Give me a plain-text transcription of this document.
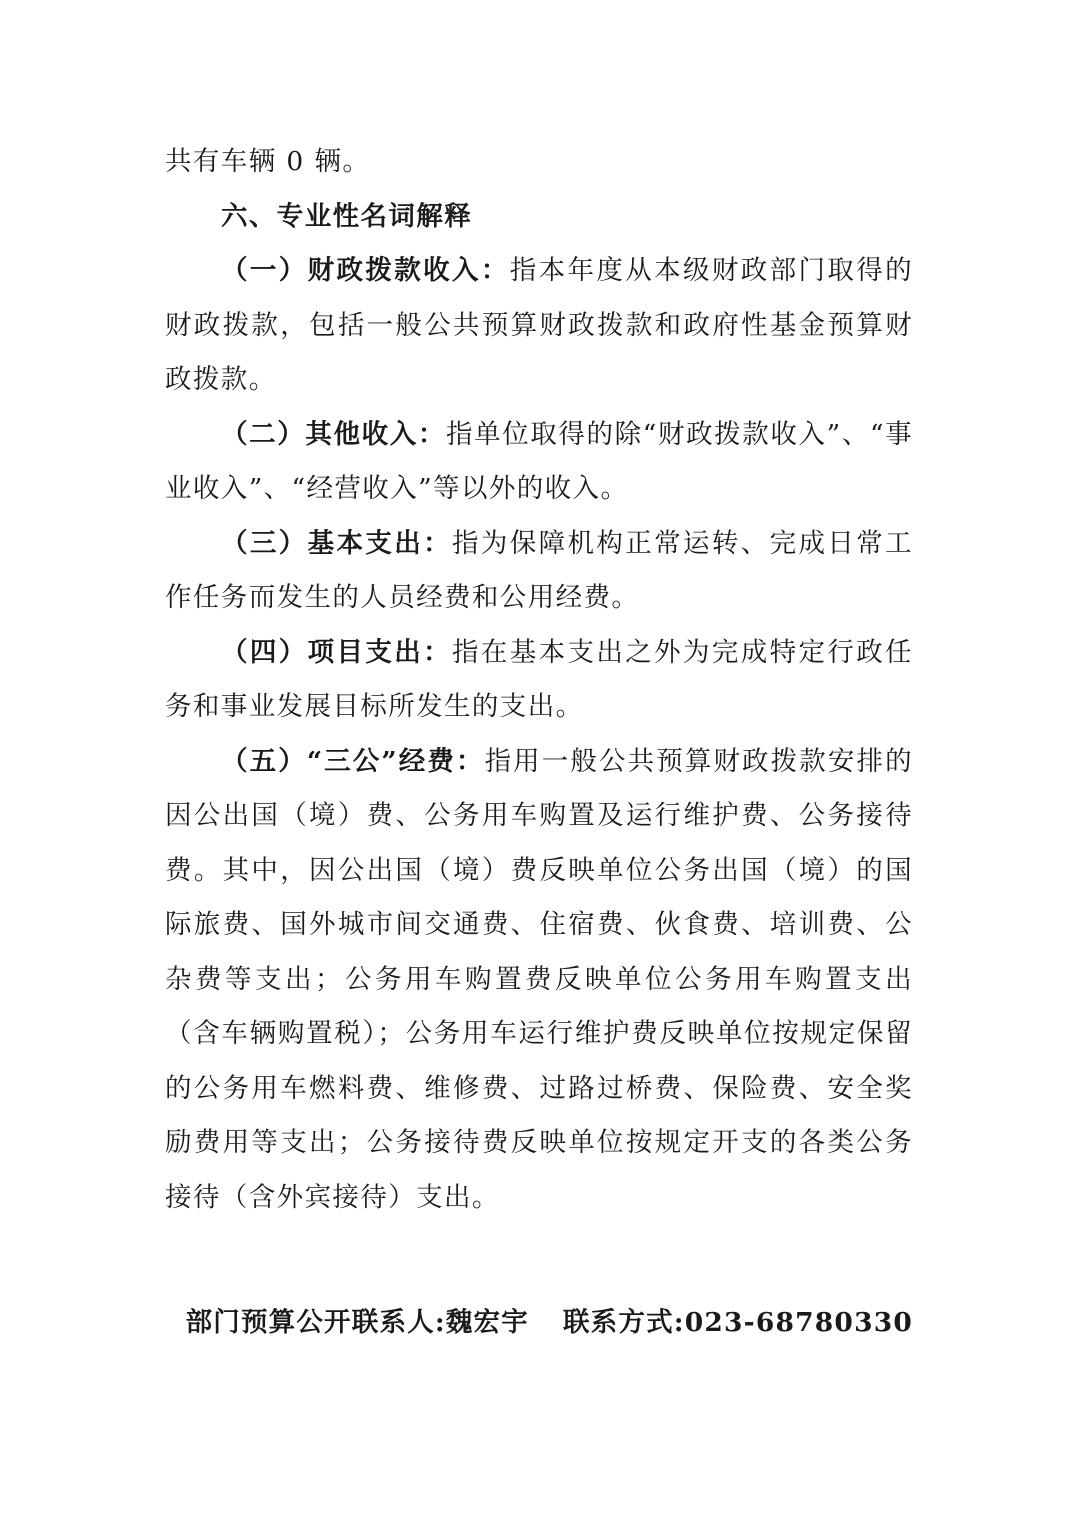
共有车辆 0 辆。

六、专业性名词解释

（一）财政拨款收入：指本年度从本级财政部门取得的财政拨款，包括一般公共预算财政拨款和政府性基金预算财政拨款。

（二）其他收入：指单位取得的除“财政拨款收入”、“事业收入”、“经营收入”等以外的收入。

（三）基本支出：指为保障机构正常运转、完成日常工作任务而发生的人员经费和公用经费。

（四）项目支出：指在基本支出之外为完成特定行政任务和事业发展目标所发生的支出。

（五）“三公”经费：指用一般公共预算财政拨款安排的因公出国（境）费、公务用车购置及运行维护费、公务接待费。其中，因公出国（境）费反映单位公务出国（境）的国际旅费、国外城市间交通费、住宿费、伙食费、培训费、公杂费等支出；公务用车购置费反映单位公务用车购置支出（含车辆购置税）；公务用车运行维护费反映单位按规定保留的公务用车燃料费、维修费、过路过桥费、保险费、安全奖励费用等支出；公务接待费反映单位按规定开支的各类公务接待（含外宾接待）支出。

部门预算公开联系人:魏宏宇 联系方式:023-68780330
